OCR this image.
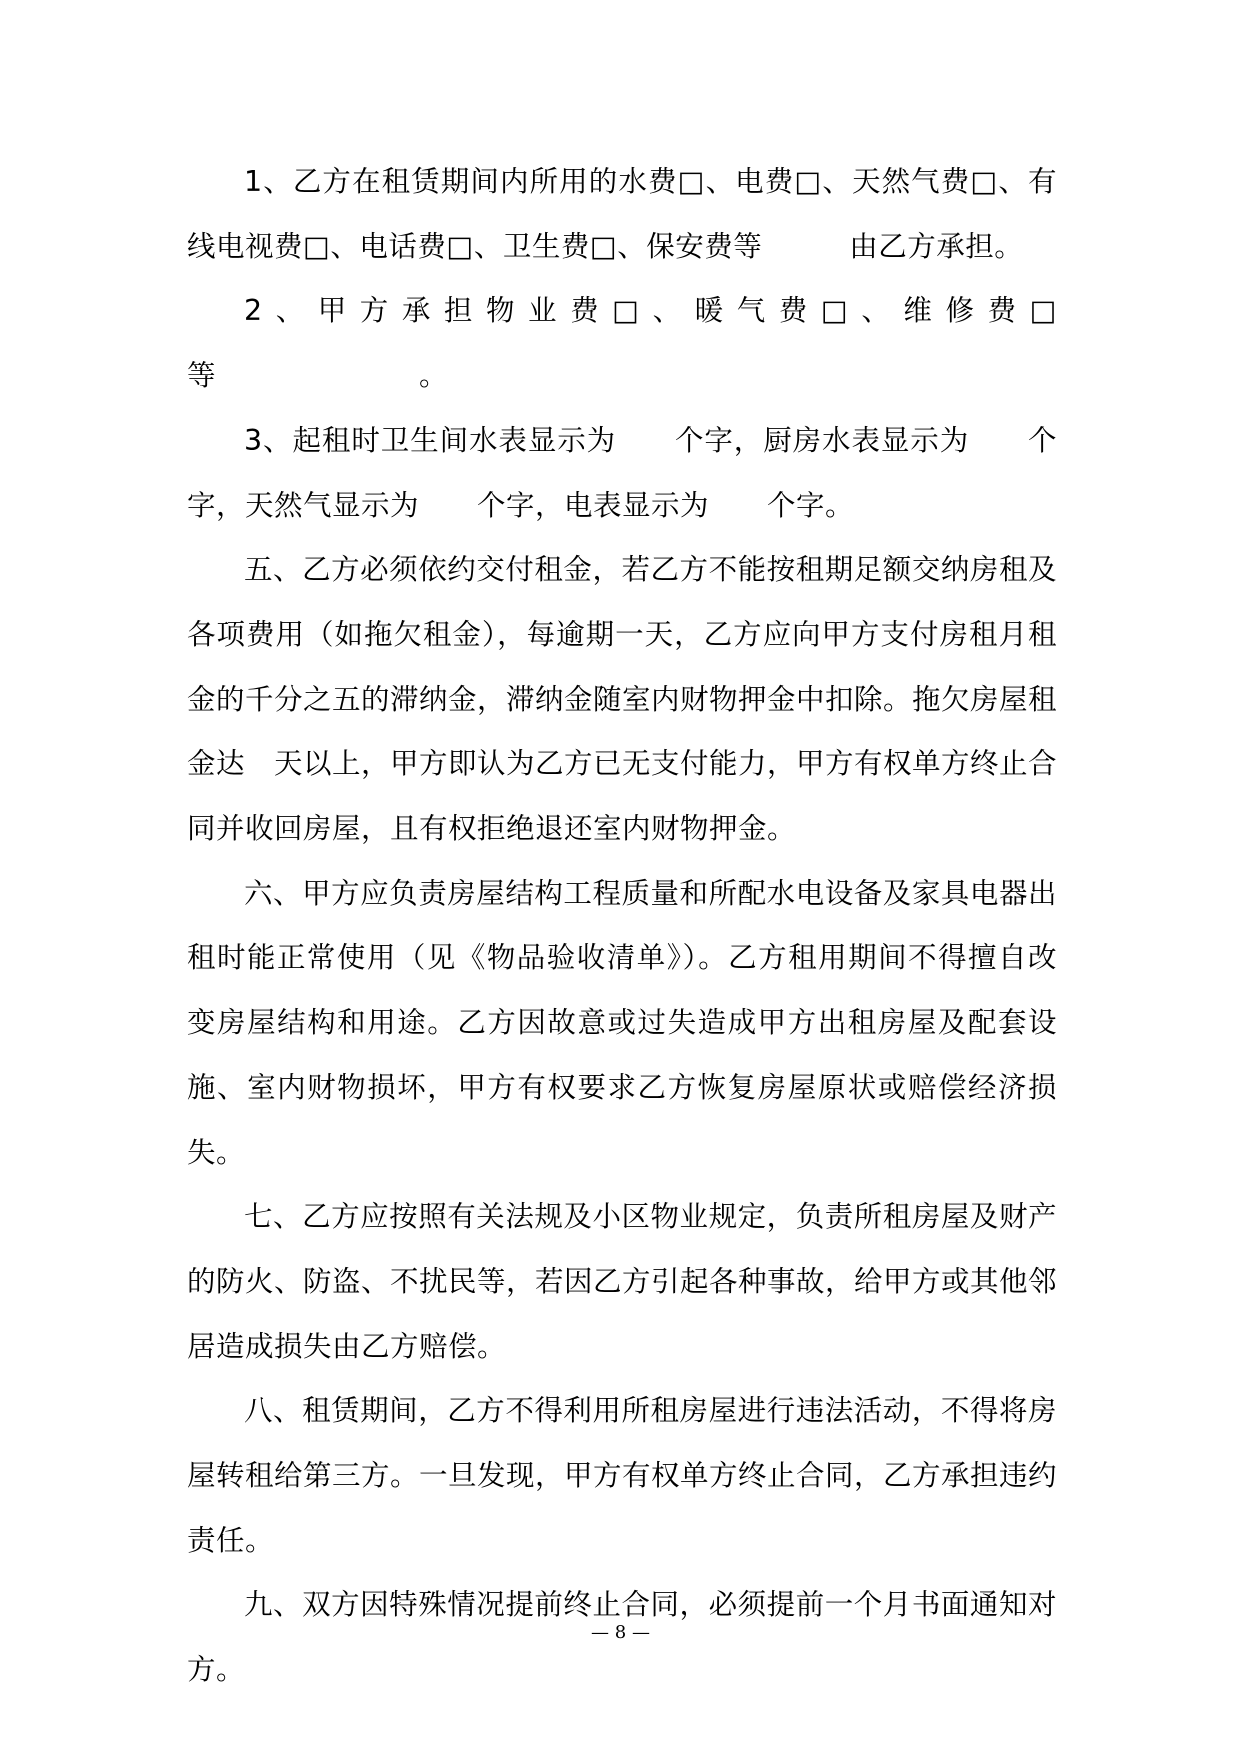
1、乙方在租赁期间内所用的水费□、电费□、天然气费□、有线电视费□、电话费□、卫生费□、保安费等　　　由乙方承担。

2、甲方承担物业费□、暖气费□、维修费□等　　　　　　　。

3、起租时卫生间水表显示为　　个字，厨房水表显示为　　个字，天然气显示为　　个字，电表显示为　　个字。

五、乙方必须依约交付租金，若乙方不能按租期足额交纳房租及各项费用（如拖欠租金），每逾期一天，乙方应向甲方支付房租月租金的千分之五的滞纳金，滞纳金随室内财物押金中扣除。拖欠房屋租金达　天以上，甲方即认为乙方已无支付能力，甲方有权单方终止合同并收回房屋，且有权拒绝退还室内财物押金。

六、甲方应负责房屋结构工程质量和所配水电设备及家具电器出租时能正常使用（见《物品验收清单》）。乙方租用期间不得擅自改变房屋结构和用途。乙方因故意或过失造成甲方出租房屋及配套设施、室内财物损坏，甲方有权要求乙方恢复房屋原状或赔偿经济损失。

七、乙方应按照有关法规及小区物业规定，负责所租房屋及财产的防火、防盗、不扰民等，若因乙方引起各种事故，给甲方或其他邻居造成损失由乙方赔偿。

八、租赁期间，乙方不得利用所租房屋进行违法活动，不得将房屋转租给第三方。一旦发现，甲方有权单方终止合同，乙方承担违约责任。

九、双方因特殊情况提前终止合同，必须提前一个月书面通知对方。

— 8 —
